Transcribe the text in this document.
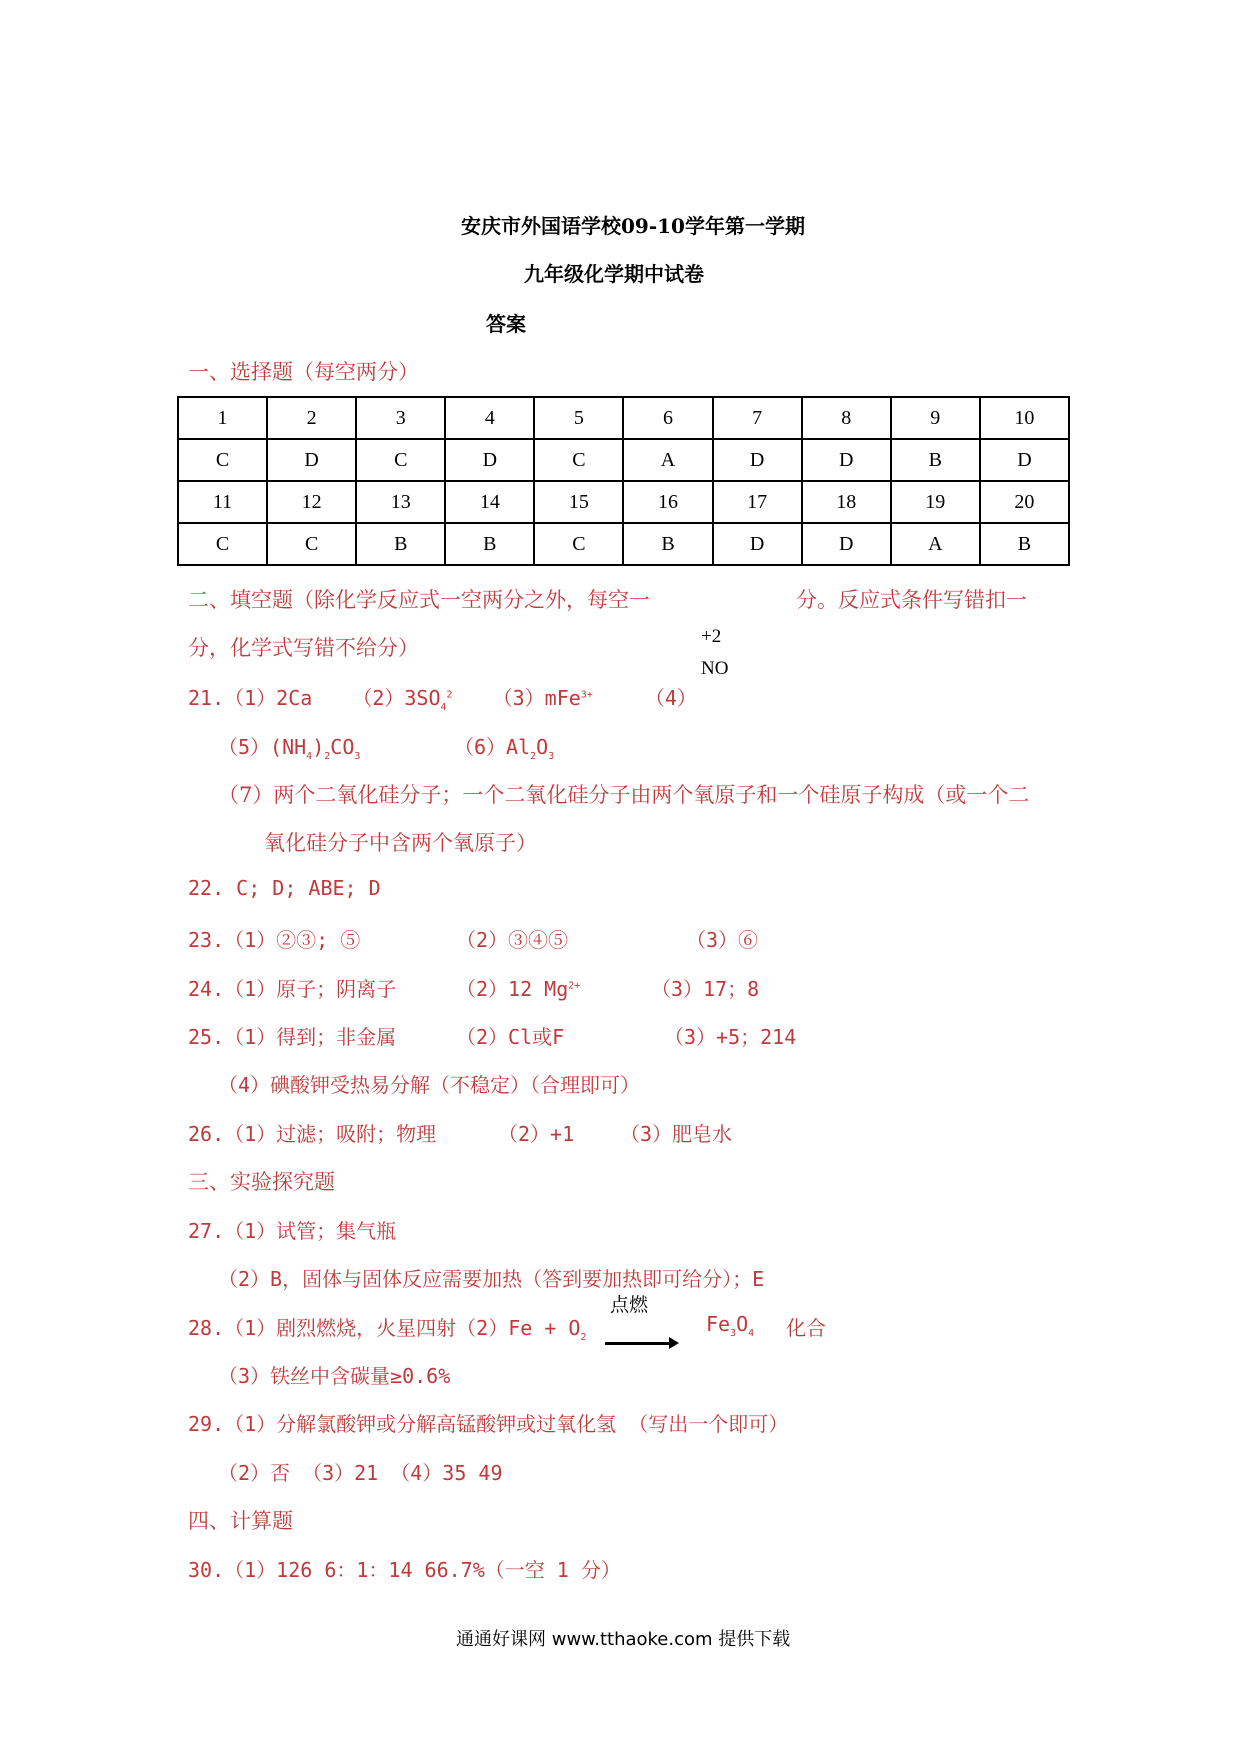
安庆市外国语学校09-10学年第一学期
九年级化学期中试卷
答案
一、选择题（每空两分）
1	2	3	4	5	6	7	8	9	10
C	D	C	D	C	A	D	D	B	D
11	12	13	14	15	16	17	18	19	20
C	C	B	B	C	B	D	D	A	B
二、填空题（除化学反应式一空两分之外，每空一	分。反应式条件写错扣一
分，化学式写错不给分）	+2
NO
21.（1）2Ca $(2)3SO_4^2$ （3）mFe$^{3+}$	（4）
$(5)(NH_4)_2CO_3$	$(6)Al_2O_3$
（7）两个二氧化硅分子；一个二氧化硅分子由两个氧原子和一个硅原子构成（或一个二
氧化硅分子中含两个氧原子）
22. C; D; ABE; D
23.（1）②③; ⑤	（2）③④⑤	（3）⑥
24.（1）原子；阴离子	（2）12 $Mg^{2+}$	（3）17；8
25.（1）得到；非金属	（2）Cl或F	（3）+5；214
（4）碘酸钾受热易分解（不稳定）（合理即可）
26.（1）过滤；吸附；物理	（2）+1 （3）肥皂水
三、实验探究题
27.（1）试管；集气瓶
（2）B，固体与固体反应需要加热（答到要加热即可给分）；E
28.（1）剧烈燃烧，火星四射$(2)Fe + O_2$
点燃
$Fe_3O_4$ 化合
（3）铁丝中含碳量≥0.6%
29.（1）分解氯酸钾或分解高锰酸钾或过氧化氢 （写出一个即可）
（2）否 （3）21 （4）35 49
四、计算题
30.（1）126 6：1：14 66.7%（一空 1 分）
通通好课网 www.tthaoke.com 提供下载
